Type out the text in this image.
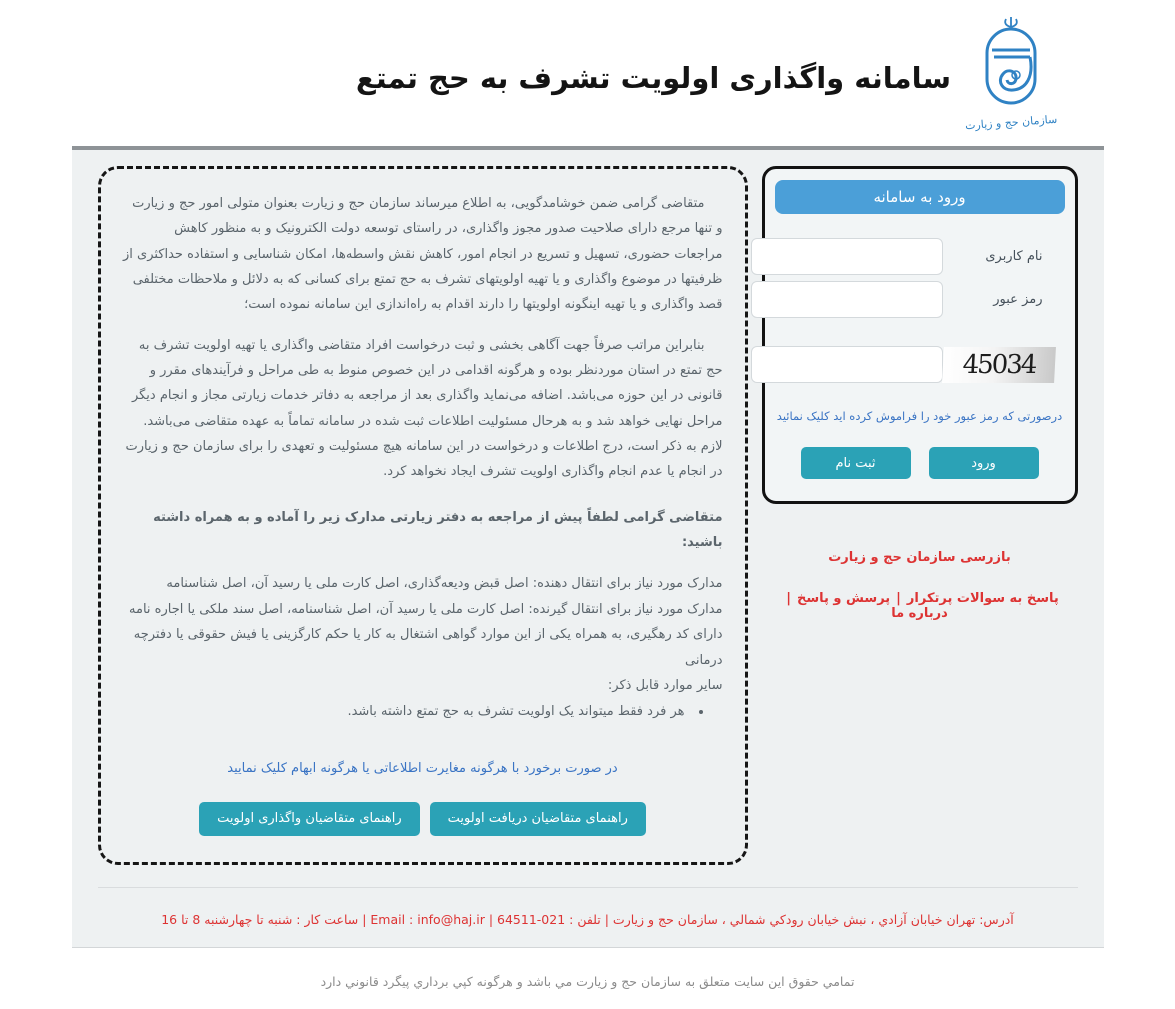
سازمان حج و زیارت
سامانه واگذاری اولویت تشرف به حج تمتع
ورود به سامانه
نام کاربری
رمز عبور
45034
درصورتی که رمز عبور خود را فراموش کرده اید کلیک نمائید
ورود
ثبت نام
بازرسی سازمان حج و زیارت
پاسخ به سوالات پرتکرار|پرسش و پاسخ|درباره ما

متقاضی گرامی ضمن خوشامدگویی، به اطلاع میرساند سازمان حج و زیارت بعنوان متولی امور حج و زیارت و تنها مرجع دارای صلاحیت صدور مجوز واگذاری، در راستای توسعه دولت الکترونیک و به منظور کاهش مراجعات حضوری، تسهیل و تسریع در انجام امور، کاهش نقش واسطه‌ها، امکان شناسایی و استفاده حداکثری از ظرفیتها در موضوع واگذاری و یا تهیه اولویتهای تشرف به حج تمتع برای کسانی که به دلائل و ملاحظات مختلفی قصد واگذاری و یا تهیه اینگونه اولویتها را دارند اقدام به راه‌اندازی این سامانه نموده است؛

بنابراین مراتب صرفاً جهت آگاهی بخشی و ثبت درخواست افراد متقاضی واگذاری یا تهیه اولویت تشرف به حج تمتع در استان موردنظر بوده و هرگونه اقدامی در این خصوص منوط به طی مراحل و فرآیندهای مقرر و قانونی در این حوزه می‌باشد. اضافه می‌نماید واگذاری بعد از مراجعه به دفاتر خدمات زیارتی مجاز و انجام دیگر مراحل نهایی خواهد شد و به هرحال مسئولیت اطلاعات ثبت شده در سامانه تماماً به عهده متقاضی می‌باشد. لازم به ذکر است، درج اطلاعات و درخواست در این سامانه هیچ مسئولیت و تعهدی را برای سازمان حج و زیارت در انجام یا عدم انجام واگذاری اولویت تشرف ایجاد نخواهد کرد.

متقاضی گرامی لطفاً پیش از مراجعه به دفتر زیارتی مدارک زیر را آماده و به همراه داشته باشید:

مدارک مورد نیاز برای انتقال دهنده: اصل قبض ودیعه‌گذاری، اصل کارت ملی یا رسید آن، اصل شناسنامه

مدارک مورد نیاز برای انتقال گیرنده: اصل کارت ملی یا رسید آن، اصل شناسنامه، اصل سند ملکی یا اجاره نامه دارای کد رهگیری، به همراه یکی از این موارد گواهی اشتغال به کار یا حکم کارگزینی یا فیش حقوقی یا دفترچه درمانی

سایر موارد قابل ذکر:

• هر فرد فقط میتواند یک اولویت تشرف به حج تمتع داشته باشد.
در صورت برخورد با هرگونه مغایرت اطلاعاتی یا هرگونه ابهام کلیک نمایید
راهنمای متقاضیان دریافت اولویت
راهنمای متقاضیان واگذاری اولویت

آدرس: تهران خیابان آزادي ، نبش خیابان رودکي شمالي ، سازمان حج و زیارت | تلفن : 021-64511 | Email : info@haj.ir | ساعت کار : شنبه تا چهارشنبه 8 تا 16

تمامي حقوق این سایت متعلق به سازمان حج و زیارت مي باشد و هرگونه کپي برداري پیگرد قانوني دارد
